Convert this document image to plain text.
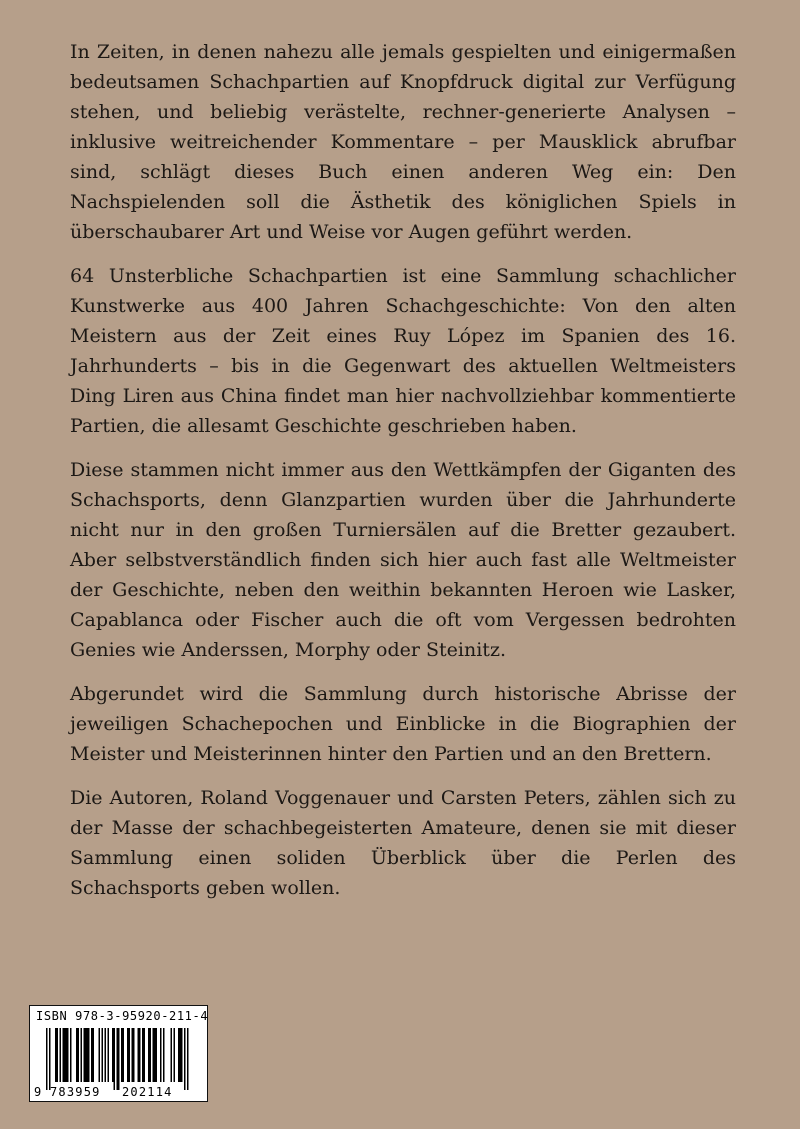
In Zeiten, in denen nahezu alle jemals gespielten und einigermaßen bedeutsamen Schachpartien auf Knopfdruck digital zur Verfügung stehen, und beliebig verästelte, rechner-generierte Analysen – inklusive weitreichender Kommentare – per Mausklick abrufbar sind, schlägt dieses Buch einen anderen Weg ein: Den Nachspielenden soll die Ästhetik des königlichen Spiels in überschaubarer Art und Weise vor Augen geführt werden.

64 Unsterbliche Schachpartien ist eine Sammlung schachlicher Kunstwerke aus 400 Jahren Schachgeschichte: Von den alten Meistern aus der Zeit eines Ruy López im Spanien des 16. Jahrhunderts – bis in die Gegenwart des aktuellen Weltmeisters Ding Liren aus China findet man hier nachvollziehbar kommentierte Partien, die allesamt Geschichte geschrieben haben.

Diese stammen nicht immer aus den Wettkämpfen der Giganten des Schachsports, denn Glanzpartien wurden über die Jahrhunderte nicht nur in den großen Turniersälen auf die Bretter gezaubert. Aber selbstverständlich finden sich hier auch fast alle Weltmeister der Geschichte, neben den weithin bekannten Heroen wie Lasker, Capablanca oder Fischer auch die oft vom Vergessen bedrohten Genies wie Anderssen, Morphy oder Steinitz.

Abgerundet wird die Sammlung durch historische Abrisse der jeweiligen Schachepochen und Einblicke in die Biographien der Meister und Meisterinnen hinter den Partien und an den Brettern.

Die Autoren, Roland Voggenauer und Carsten Peters, zählen sich zu der Masse der schachbegeisterten Amateure, denen sie mit dieser Sammlung einen soliden Überblick über die Perlen des Schachsports geben wollen.

ISBN 978-3-95920-211-4
9 783959 202114
